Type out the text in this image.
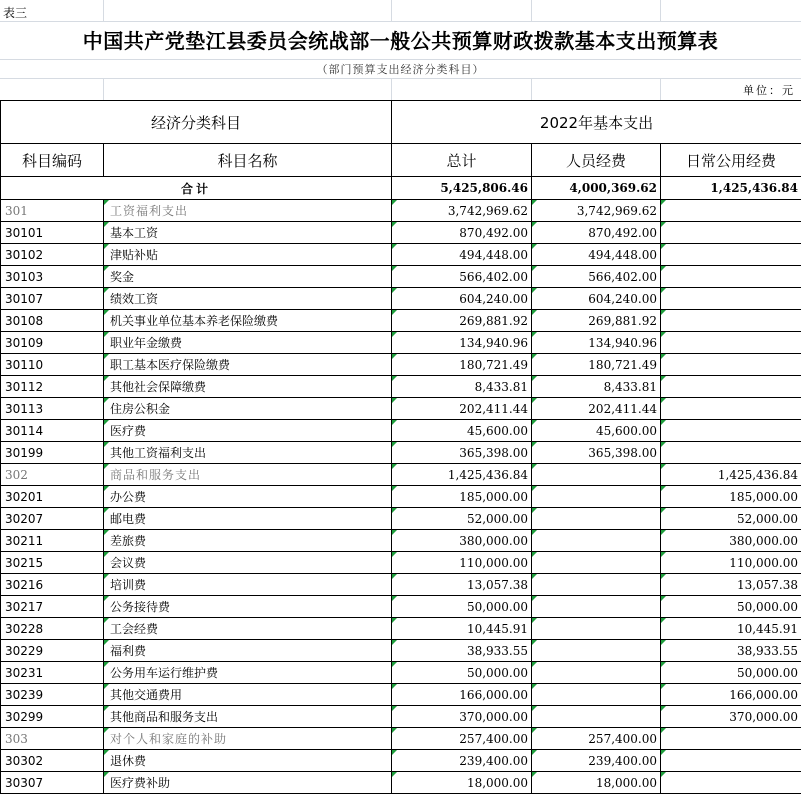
表三
中国共产党垫江县委员会统战部一般公共预算财政拨款基本支出预算表
（部门预算支出经济分类科目）
单位：元
经济分类科目		2022年基本支出		
科目编码	科目名称	总计	人员经费	日常公用经费
合计		5,425,806.46	4,000,369.62	1,425,436.84
301	工资福利支出	3,742,969.62	3,742,969.62	

30101	基本工资	870,492.00	870,492.00	

30102	津贴补贴	494,448.00	494,448.00	

30103	奖金	566,402.00	566,402.00	

30107	绩效工资	604,240.00	604,240.00	

30108	机关事业单位基本养老保险缴费	269,881.92	269,881.92	

30109	职业年金缴费	134,940.96	134,940.96	

30110	职工基本医疗保险缴费	180,721.49	180,721.49	

30112	其他社会保障缴费	8,433.81	8,433.81	

30113	住房公积金	202,411.44	202,411.44	

30114	医疗费	45,600.00	45,600.00	

30199	其他工资福利支出	365,398.00	365,398.00	

302	商品和服务支出	1,425,436.84		1,425,436.84
30201	办公费	185,000.00		185,000.00
30207	邮电费	52,000.00		52,000.00
30211	差旅费	380,000.00		380,000.00
30215	会议费	110,000.00		110,000.00
30216	培训费	13,057.38		13,057.38
30217	公务接待费	50,000.00		50,000.00
30228	工会经费	10,445.91		10,445.91
30229	福利费	38,933.55		38,933.55
30231	公务用车运行维护费	50,000.00		50,000.00
30239	其他交通费用	166,000.00		166,000.00
30299	其他商品和服务支出	370,000.00		370,000.00
303	对个人和家庭的补助	257,400.00	257,400.00	

30302	退休费	239,400.00	239,400.00	

30307	医疗费补助	18,000.00	18,000.00	
